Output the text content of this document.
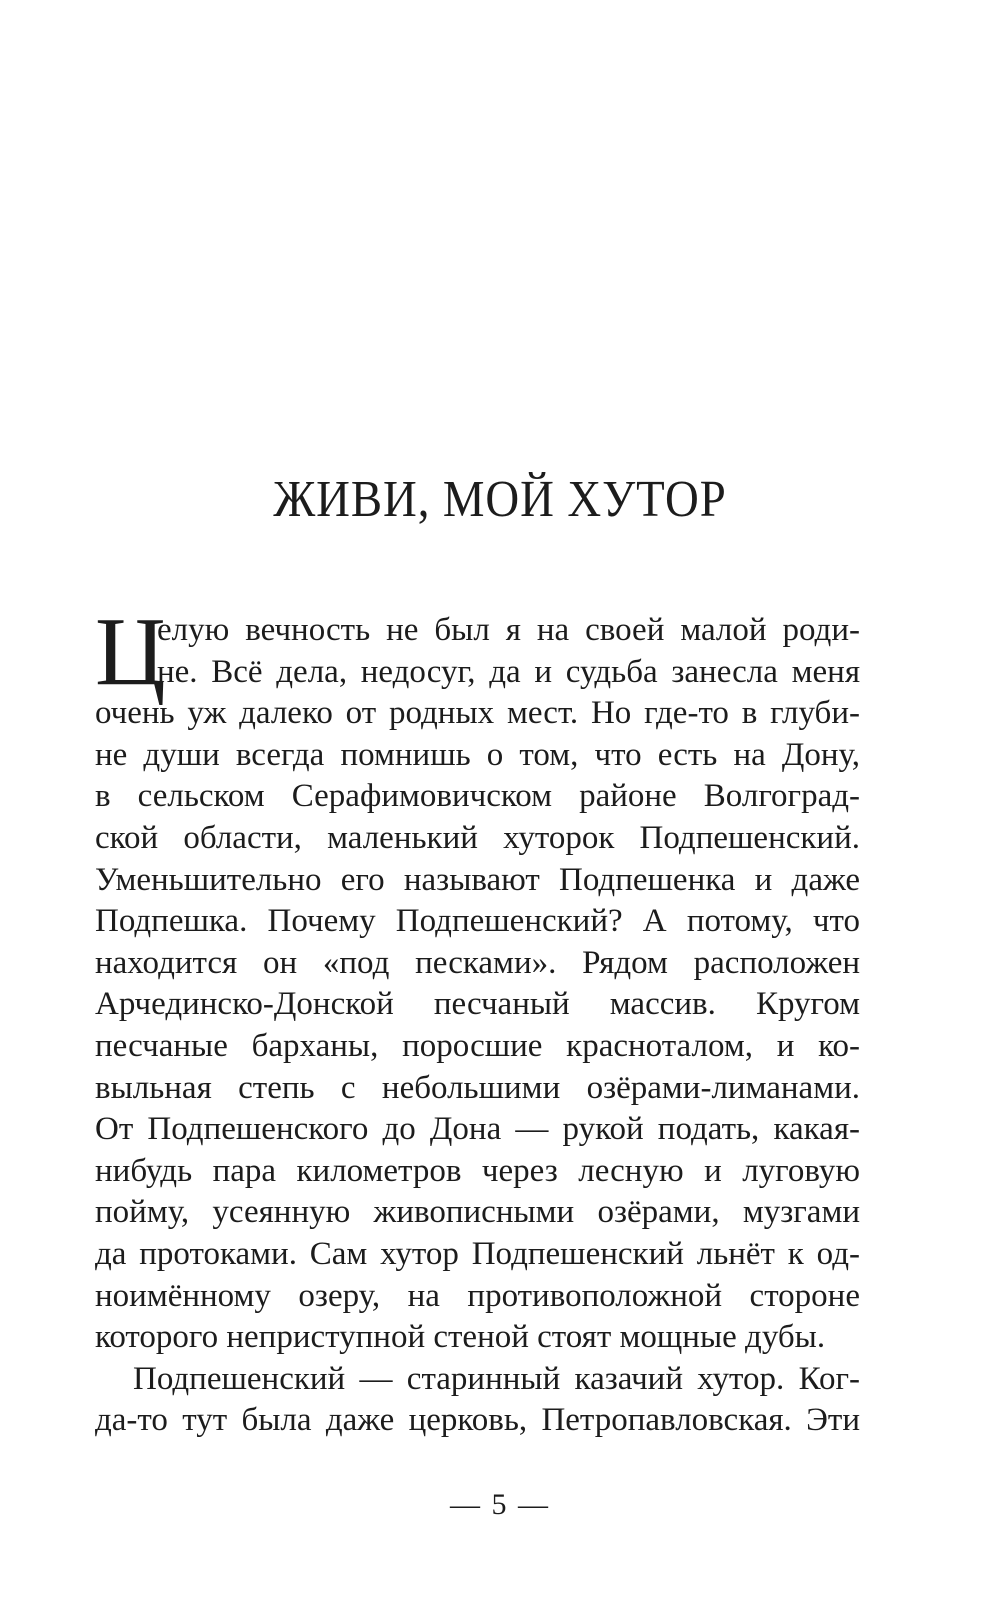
ЖИВИ, МОЙ ХУТОР
Ц
елую вечность не был я на своей малой роди-
не. Всё дела, недосуг, да и судьба занесла меня
очень уж далеко от родных мест. Но где-то в глуби-
не души всегда помнишь о том, что есть на Дону,
в сельском Серафимовичском районе Волгоград-
ской области, маленький хуторок Подпешенский.
Уменьшительно его называют Подпешенка и даже
Подпешка. Почему Подпешенский? А потому, что
находится он «под песками». Рядом расположен
Арчединско-Донской песчаный массив. Кругом
песчаные барханы, поросшие красноталом, и ко-
выльная степь с небольшими озёрами-лиманами.
От Подпешенского до Дона — рукой подать, какая-
нибудь пара километров через лесную и луговую
пойму, усеянную живописными озёрами, музгами
да протоками. Сам хутор Подпешенский льнёт к од-
ноимённому озеру, на противоположной стороне
которого неприступной стеной стоят мощные дубы.
Подпешенский — старинный казачий хутор. Ког-
да-то тут была даже церковь, Петропавловская. Эти
— 5 —
